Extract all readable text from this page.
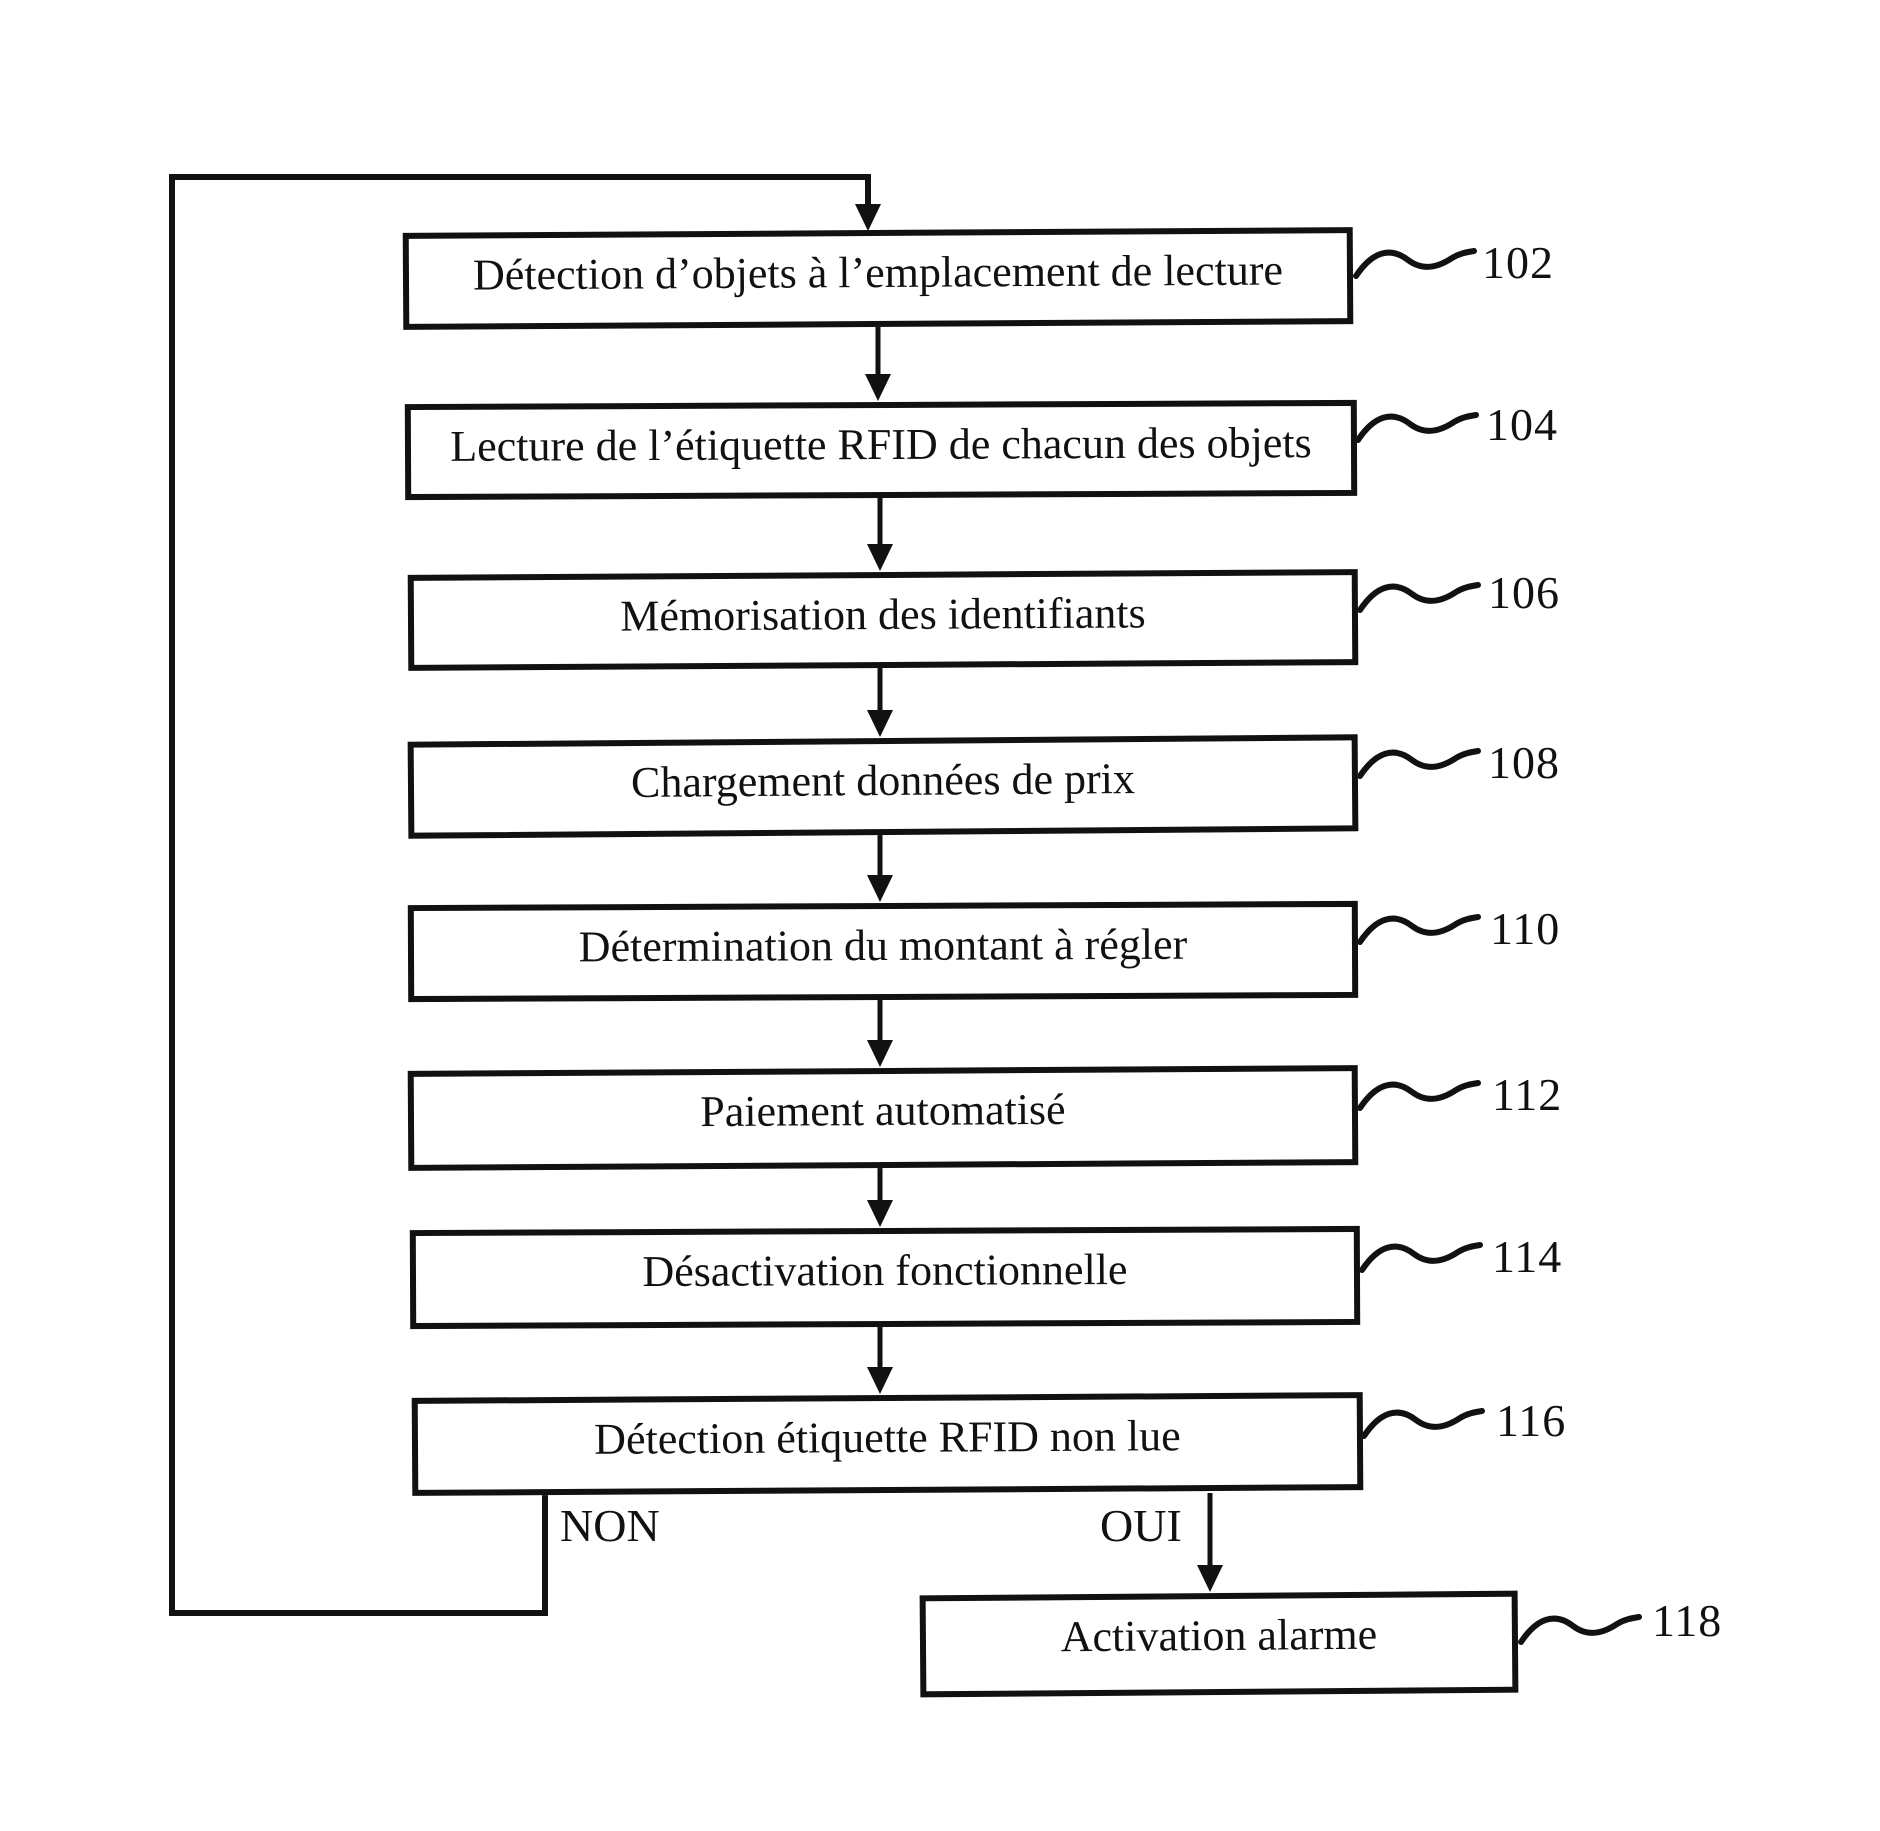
Détection d’objets à l’emplacement de lecture
Lecture de l’étiquette RFID de chacun des objets
Mémorisation des identifiants
Chargement données de prix
Détermination du montant à régler
Paiement automatisé
Désactivation fonctionnelle
Détection étiquette RFID non lue
Activation alarme
102
104
106
108
110
112
114
116
118
NON	OUI
